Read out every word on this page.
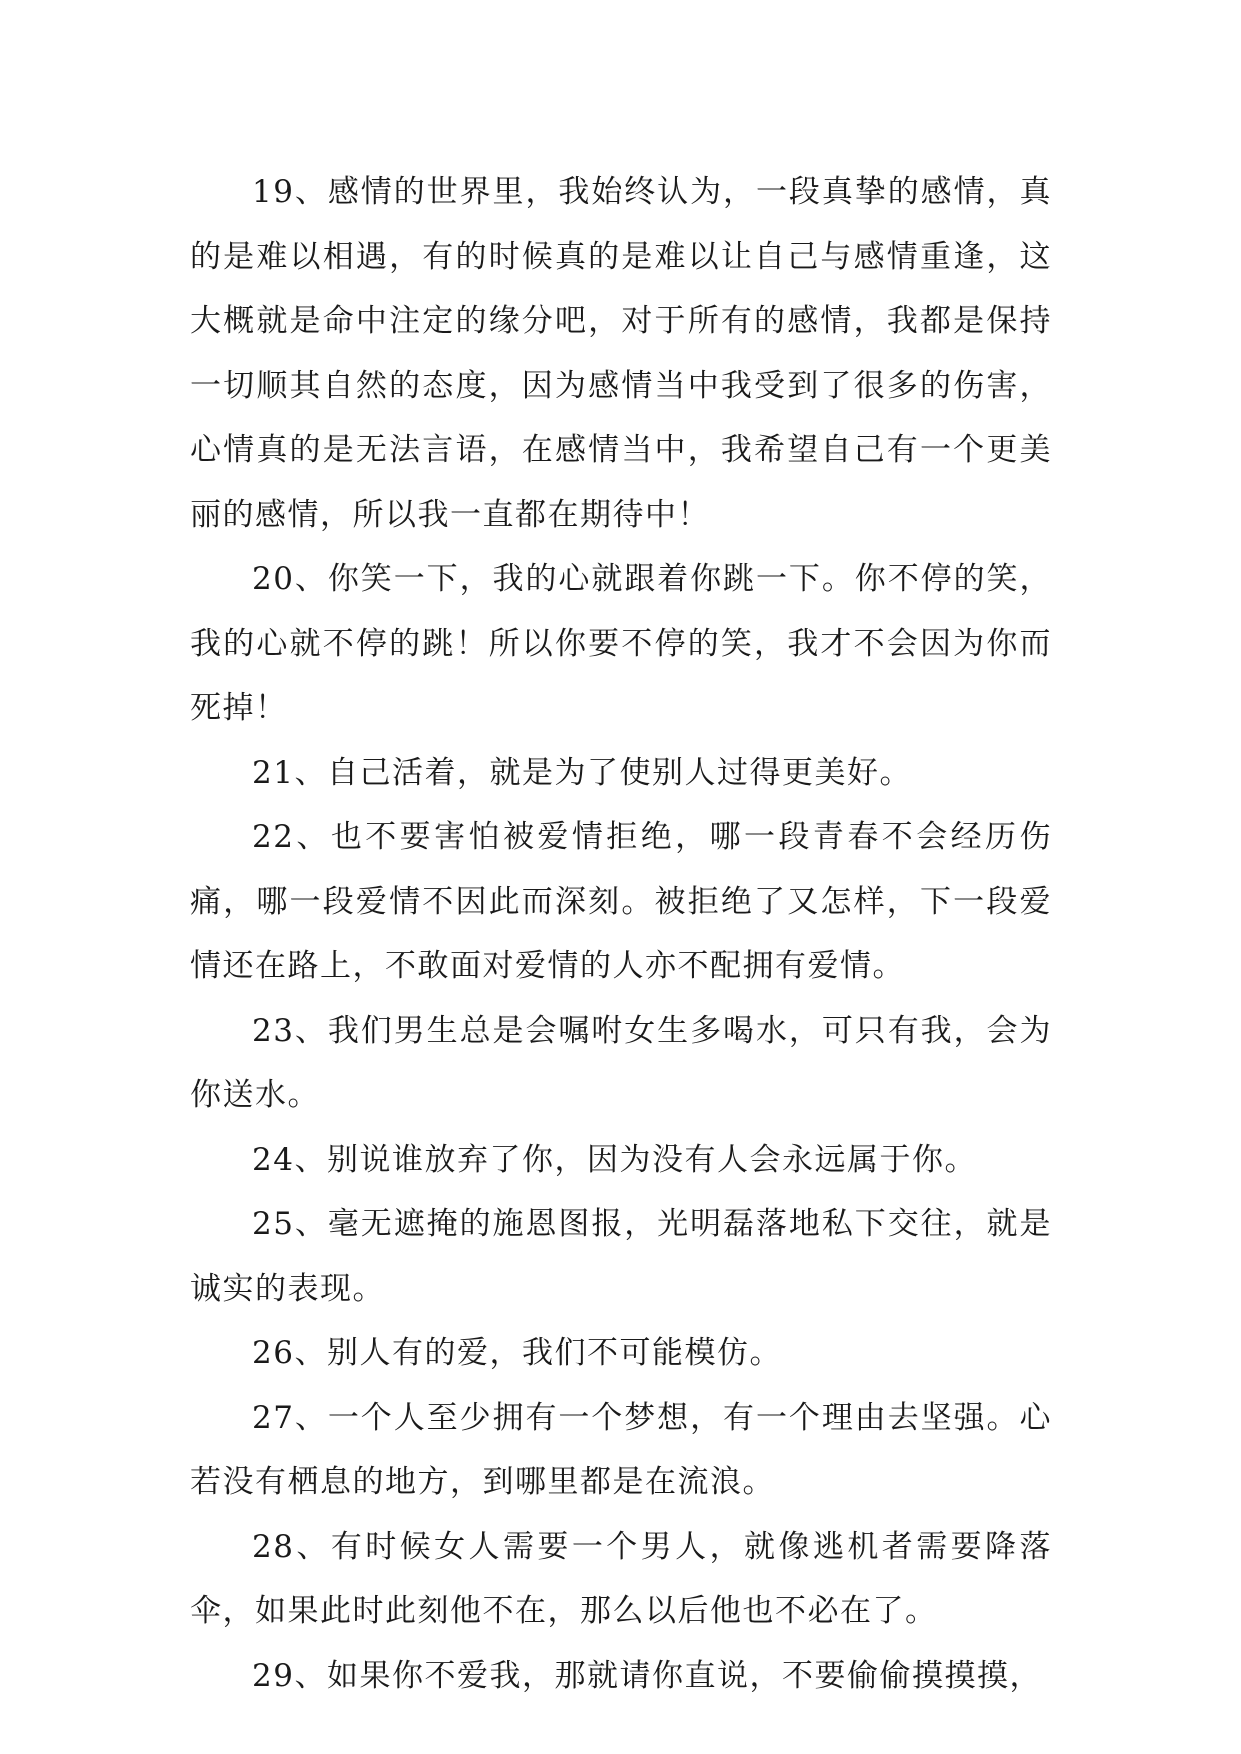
19、感情的世界里，我始终认为，一段真挚的感情，真的是难以相遇，有的时候真的是难以让自己与感情重逢，这大概就是命中注定的缘分吧，对于所有的感情，我都是保持一切顺其自然的态度，因为感情当中我受到了很多的伤害，心情真的是无法言语，在感情当中，我希望自己有一个更美丽的感情，所以我一直都在期待中！

20、你笑一下，我的心就跟着你跳一下。你不停的笑，我的心就不停的跳！所以你要不停的笑，我才不会因为你而死掉！

21、自己活着，就是为了使别人过得更美好。

22、也不要害怕被爱情拒绝，哪一段青春不会经历伤痛，哪一段爱情不因此而深刻。被拒绝了又怎样，下一段爱情还在路上，不敢面对爱情的人亦不配拥有爱情。

23、我们男生总是会嘱咐女生多喝水，可只有我，会为你送水。

24、别说谁放弃了你，因为没有人会永远属于你。

25、毫无遮掩的施恩图报，光明磊落地私下交往，就是诚实的表现。

26、别人有的爱，我们不可能模仿。

27、一个人至少拥有一个梦想，有一个理由去坚强。心若没有栖息的地方，到哪里都是在流浪。

28、有时候女人需要一个男人，就像逃机者需要降落伞，如果此时此刻他不在，那么以后他也不必在了。

29、如果你不爱我，那就请你直说，不要偷偷摸摸摸，
